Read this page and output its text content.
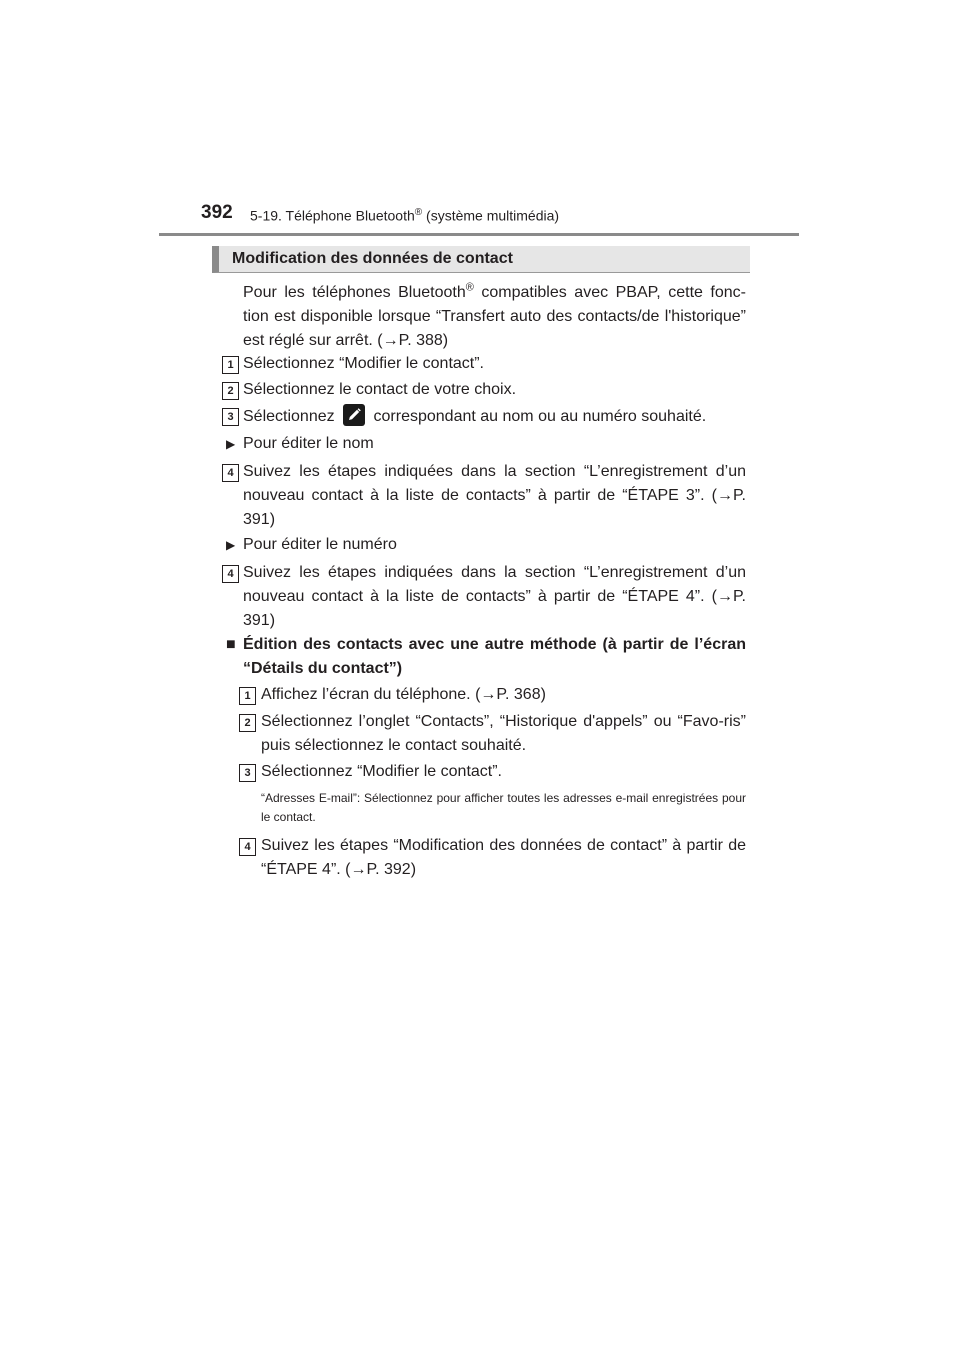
392 5-19. Téléphone Bluetooth® (système multimédia)
Modification des données de contact
Pour les téléphones Bluetooth® compatibles avec PBAP, cette fonc-tion est disponible lorsque “Transfert auto des contacts/de l'historique” est réglé sur arrêt. (→P. 388)
1 Sélectionnez “Modifier le contact”.
2 Sélectionnez le contact de votre choix.
3 Sélectionnez correspondant au nom ou au numéro souhaité.
▶ Pour éditer le nom
4 Suivez les étapes indiquées dans la section “L’enregistrement d’un nouveau contact à la liste de contacts” à partir de “ÉTAPE 3”. (→P. 391)
▶ Pour éditer le numéro
4 Suivez les étapes indiquées dans la section “L’enregistrement d’un nouveau contact à la liste de contacts” à partir de “ÉTAPE 4”. (→P. 391)
■ Édition des contacts avec une autre méthode (à partir de l’écran “Détails du contact”)
1 Affichez l’écran du téléphone. (→P. 368)
2 Sélectionnez l’onglet “Contacts”, “Historique d'appels” ou “Favo-ris” puis sélectionnez le contact souhaité.
3 Sélectionnez “Modifier le contact”.
“Adresses E-mail”: Sélectionnez pour afficher toutes les adresses e-mail enregistrées pour le contact.
4 Suivez les étapes “Modification des données de contact” à partir de “ÉTAPE 4”. (→P. 392)
